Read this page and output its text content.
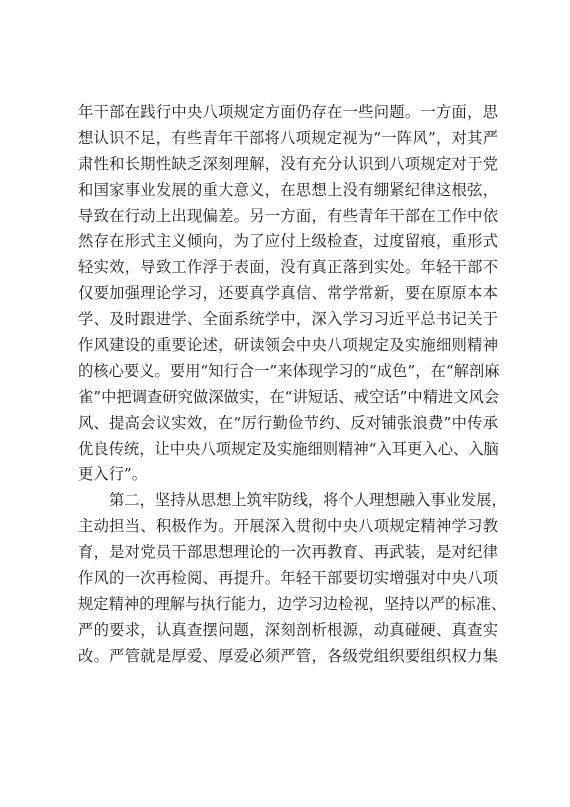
年干部在践行中央八项规定方面仍存在一些问题。一方面，思
想认识不足，有些青年干部将八项规定视为“一阵风”，对其严
肃性和长期性缺乏深刻理解，没有充分认识到八项规定对于党
和国家事业发展的重大意义，在思想上没有绷紧纪律这根弦，
导致在行动上出现偏差。另一方面，有些青年干部在工作中依
然存在形式主义倾向，为了应付上级检查，过度留痕，重形式
轻实效，导致工作浮于表面，没有真正落到实处。年轻干部不
仅要加强理论学习，还要真学真信、常学常新，要在原原本本
学、及时跟进学、全面系统学中，深入学习习近平总书记关于
作风建设的重要论述，研读领会中央八项规定及实施细则精神
的核心要义。要用“知行合一”来体现学习的“成色”，在“解剖麻
雀”中把调查研究做深做实，在“讲短话、戒空话”中精进文风会
风、提高会议实效，在“厉行勤俭节约、反对铺张浪费”中传承
优良传统，让中央八项规定及实施细则精神“入耳更入心、入脑
更入行”。
第二，坚持从思想上筑牢防线，将个人理想融入事业发展，
主动担当、积极作为。开展深入贯彻中央八项规定精神学习教
育，是对党员干部思想理论的一次再教育、再武装，是对纪律
作风的一次再检阅、再提升。年轻干部要切实增强对中央八项
规定精神的理解与执行能力，边学习边检视，坚持以严的标准、
严的要求，认真查摆问题，深刻剖析根源，动真碰硬、真查实
改。严管就是厚爱、厚爱必须严管，各级党组织要组织权力集
